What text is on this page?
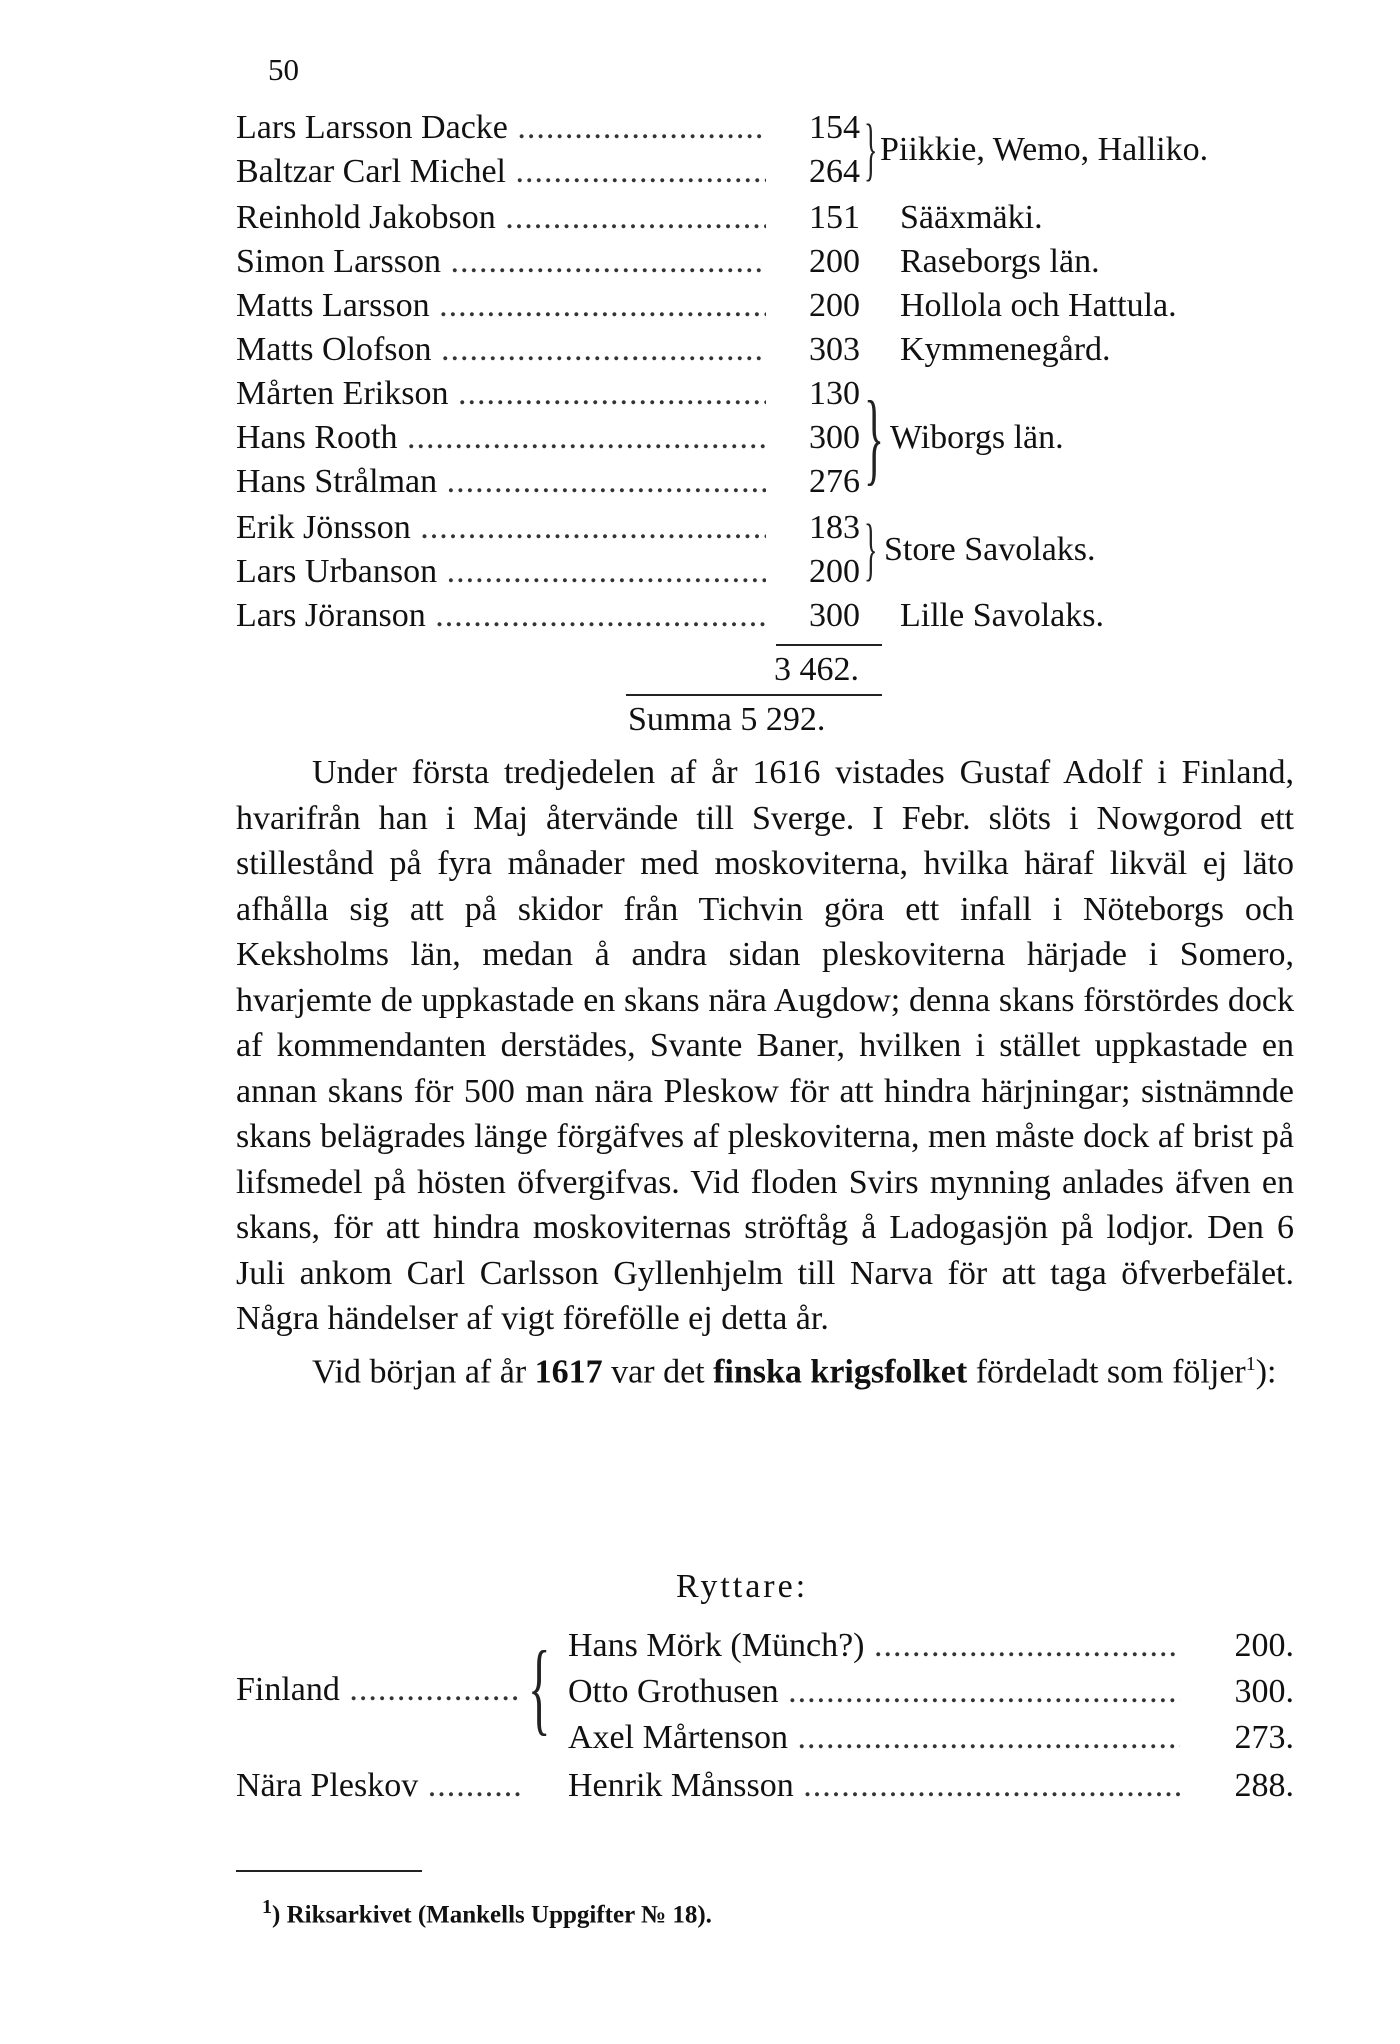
50
Lars Larsson Dacke .....	154
Baltzar Carl Michel .....	264 } Piikkie, Wemo, Halliko.
Reinhold Jakobson .....	151 Sääxmäki.
Simon Larsson .....	200 Raseborgs län.
Matts Larsson .....	200 Hollola och Hattula.
Matts Olofson .....	303 Kymmenegård.
Mårten Erikson .....	130
Hans Rooth .....	300
Hans Strålman .....	276 } Wiborgs län.
Erik Jönsson .....	183
Lars Urbanson .....	200 } Store Savolaks.
Lars Jöranson .....	300 Lille Savolaks.
3 462.
Summa 5 292.

Under första tredjedelen af år 1616 vistades Gustaf Adolf i Finland, hvarifrån han i Maj återvände till Sverge. I Febr. slöts i Nowgorod ett stillestånd på fyra månader med moskoviterna, hvilka häraf likväl ej läto afhålla sig att på skidor från Tichvin göra ett infall i Nöteborgs och Keksholms län, medan å andra sidan pleskoviterna härjade i Somero, hvarjemte de uppkastade en skans nära Augdow; denna skans förstördes dock af kommendanten derstädes, Svante Baner, hvilken i stället uppkastade en annan skans för 500 man nära Pleskow för att hindra härjningar; sistnämnde skans belägrades länge förgäfves af pleskoviterna, men måste dock af brist på lifsmedel på hösten öfvergifvas. Vid floden Svirs mynning anlades äfven en skans, för att hindra moskoviternas ströftåg å Ladogasjön på lodjor. Den 6 Juli ankom Carl Carlsson Gyllenhjelm till Narva för att taga öfverbefälet. Några händelser af vigt förefölle ej detta år.

Vid början af år 1617 var det finska krigsfolket fördeladt som följer$^1$):

Ryttare:
Finland .....	{ Hans Mörk (Münch?) .....	200.
Otto Grothusen .....	300.
Axel Mårtenson .....	273.
Nära Pleskov .....	Henrik Månsson .....	288.
$^1$) Riksarkivet (Mankells Uppgifter № 18).
